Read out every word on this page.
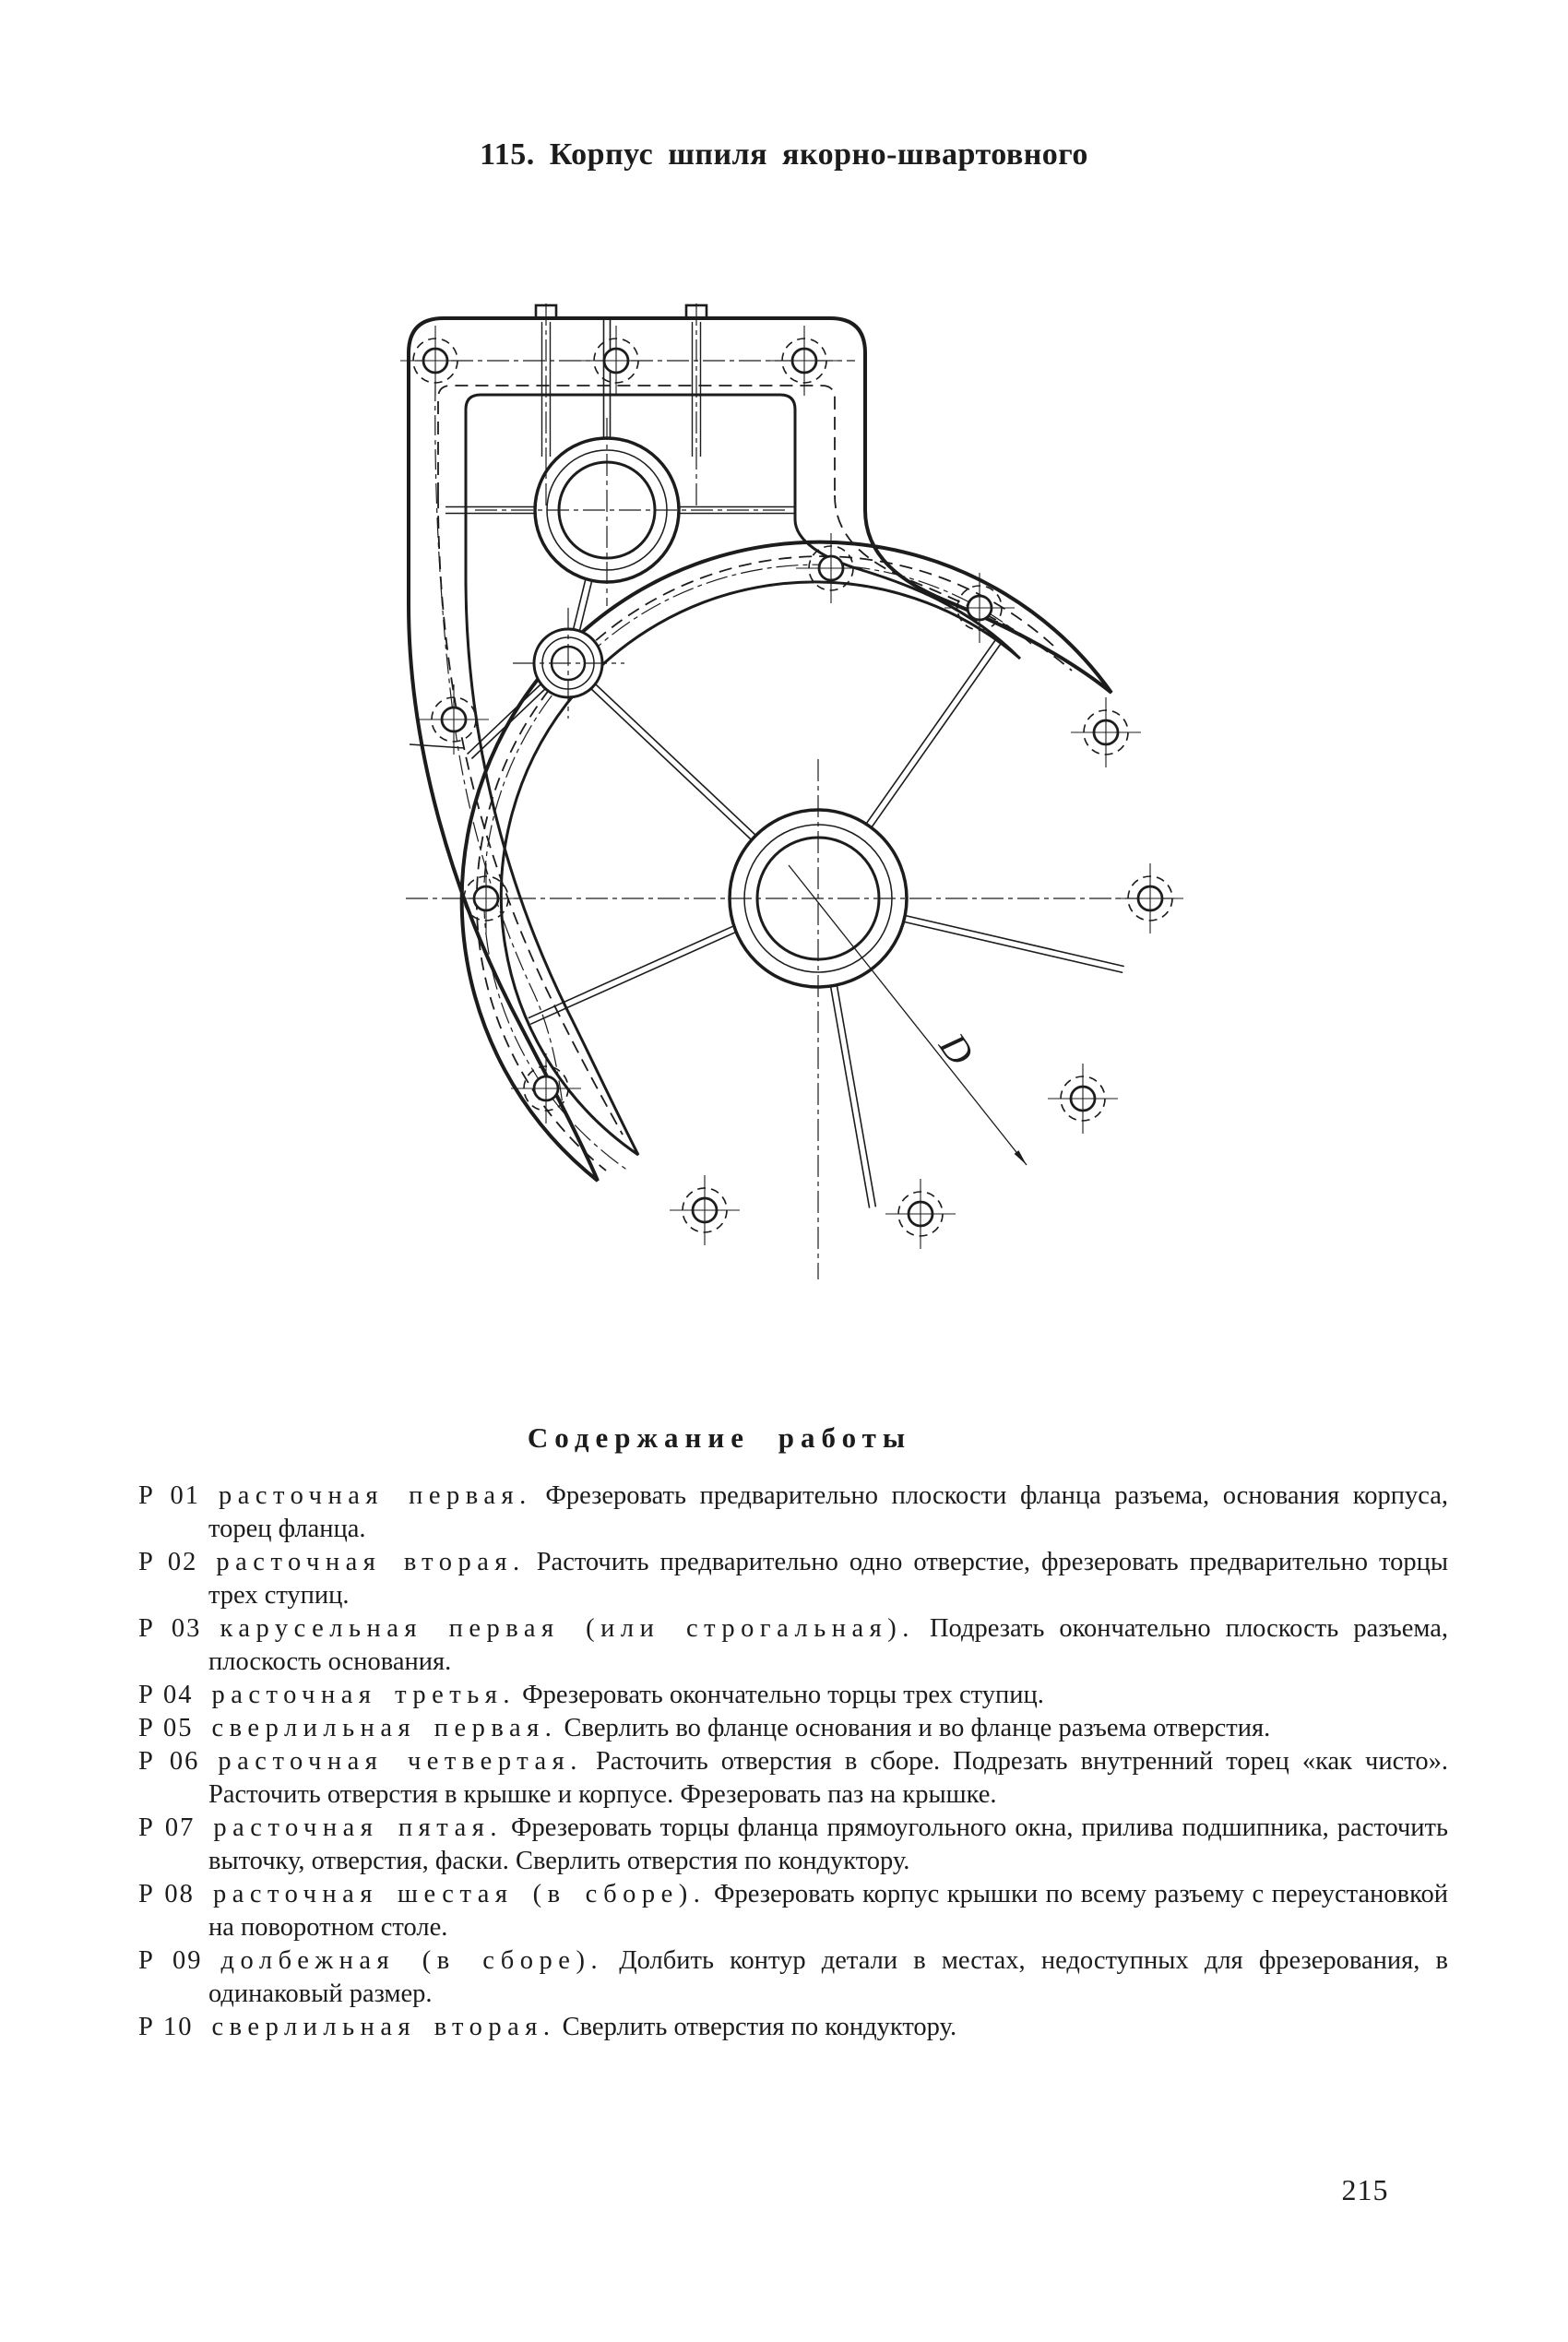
115. Корпус шпиля якорно-швартовного
D
Содержание работы

Р 01 расточная первая. Фрезеровать предварительно плоскости фланца разъема, основания корпуса, торец фланца.

Р 02 расточная вторая. Расточить предварительно одно отверстие, фрезеровать предварительно торцы трех ступиц.

Р 03 карусельная первая (или строгальная). Подрезать окончательно плоскость разъема, плоскость основания.

Р 04 расточная третья. Фрезеровать окончательно торцы трех ступиц.

Р 05 сверлильная первая. Сверлить во фланце основания и во фланце разъема отверстия.

Р 06 расточная четвертая. Расточить отверстия в сборе. Подрезать внутренний торец «как чисто». Расточить отверстия в крышке и корпусе. Фрезеровать паз на крышке.

Р 07 расточная пятая. Фрезеровать торцы фланца прямоугольного окна, прилива подшипника, расточить выточку, отверстия, фаски. Сверлить отверстия по кондуктору.

Р 08 расточная шестая (в сборе). Фрезеровать корпус крышки по всему разъему с переустановкой на поворотном столе.

Р 09 долбежная (в сборе). Долбить контур детали в местах, недоступных для фрезерования, в одинаковый размер.

Р 10 сверлильная вторая. Сверлить отверстия по кондуктору.

215
